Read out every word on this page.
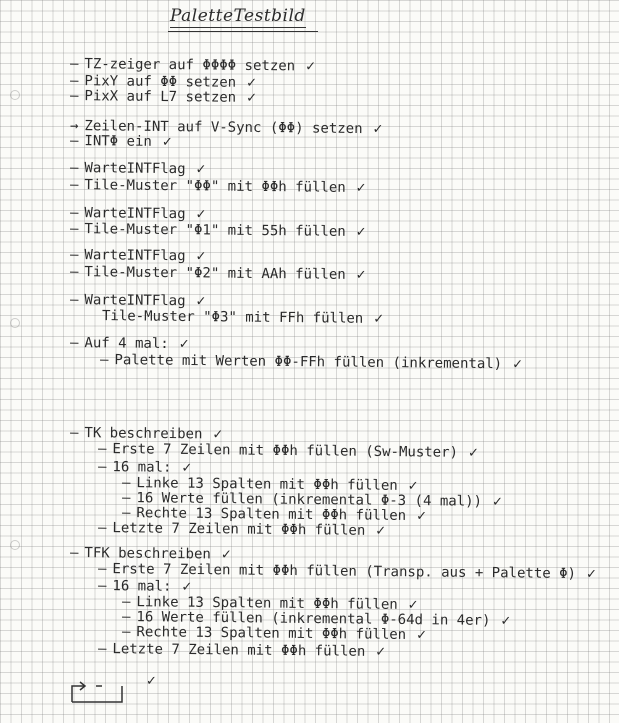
PaletteTestbild
— TZ-zeiger auf ΦΦΦΦ setzen ✓
— PixY auf ΦΦ setzen ✓
— PixX auf L7 setzen ✓
→ Zeilen-INT auf V-Sync (ΦΦ) setzen ✓
— INTΦ ein ✓
— WarteINTFlag ✓
— Tile-Muster "ΦΦ" mit ΦΦh füllen ✓
— WarteINTFlag ✓
— Tile-Muster "Φ1" mit 55h füllen ✓
— WarteINTFlag ✓
— Tile-Muster "Φ2" mit AAh füllen ✓
— WarteINTFlag ✓
Tile-Muster "Φ3" mit FFh füllen ✓
— Auf 4 mal: ✓
— Palette mit Werten ΦΦ-FFh füllen (inkremental) ✓
— TK beschreiben ✓
— Erste 7 Zeilen mit ΦΦh füllen (Sw-Muster) ✓
— 16 mal: ✓
— Linke 13 Spalten mit ΦΦh füllen ✓
— 16 Werte füllen (inkremental Φ-3 (4 mal)) ✓
— Rechte 13 Spalten mit ΦΦh füllen ✓
— Letzte 7 Zeilen mit ΦΦh füllen ✓
— TFK beschreiben ✓
— Erste 7 Zeilen mit ΦΦh füllen (Transp. aus + Palette Φ) ✓
— 16 mal: ✓
— Linke 13 Spalten mit ΦΦh füllen ✓
— 16 Werte füllen (inkremental Φ-64d in 4er) ✓
— Rechte 13 Spalten mit ΦΦh füllen ✓
— Letzte 7 Zeilen mit ΦΦh füllen ✓
✓
